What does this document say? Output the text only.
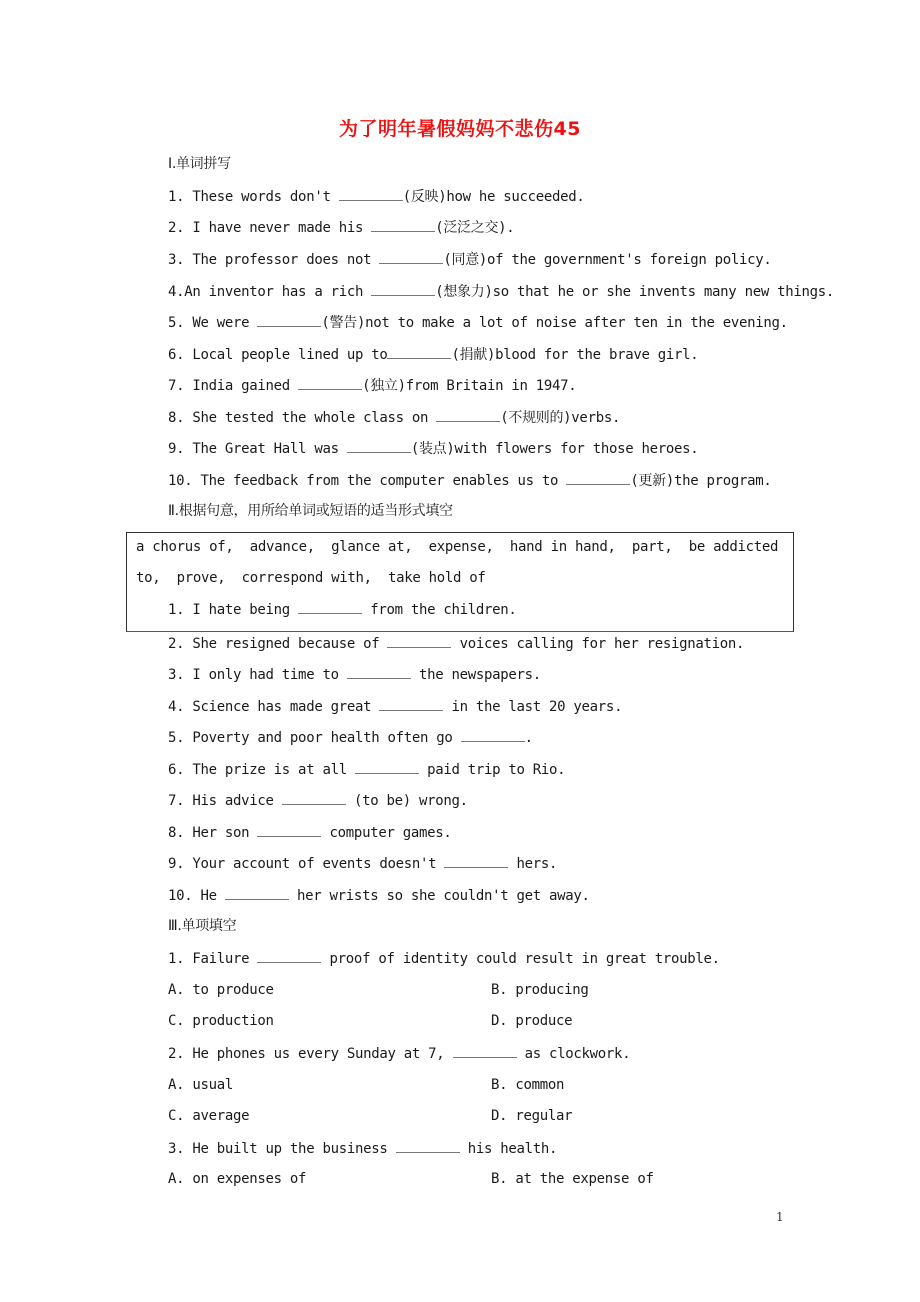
为了明年暑假妈妈不悲伤45
Ⅰ.单词拼写
1. These words don't	(反映)how he succeeded.
2. I have never made his	(泛泛之交).
3. The professor does not	(同意)of the government's foreign policy.
4.An inventor has a rich	(想象力)so that he or she invents many new things.
5. We were	(警告)not to make a lot of noise after ten in the evening.
6. Local people lined up to	(捐献)blood for the brave girl.
7. India gained	(独立)from Britain in 1947.
8. She tested the whole class on	(不规则的)verbs.
9. The Great Hall was	(装点)with flowers for those heroes.
10. The feedback from the computer enables us to	(更新)the program.
Ⅱ.根据句意，用所给单词或短语的适当形式填空
a chorus of,  advance,  glance at,  expense,  hand in hand,  part,  be addicted
to,  prove,  correspond with,  take hold of
1. I hate being	from the children.
2. She resigned because of	voices calling for her resignation.
3. I only had time to	the newspapers.
4. Science has made great	in the last 20 years.
5. Poverty and poor health often go	.
6. The prize is at all	paid trip to Rio.
7. His advice	(to be) wrong.
8. Her son	computer games.
9. Your account of events doesn't	hers.
10. He	her wrists so she couldn't get away.
Ⅲ.单项填空
1. Failure	proof of identity could result in great trouble.
A. to produce	B. producing
C. production	D. produce
2. He phones us every Sunday at 7,	as clockwork.
A. usual	B. common
C. average	D. regular
3. He built up the business	his health.
A. on expenses of	B. at the expense of
1
